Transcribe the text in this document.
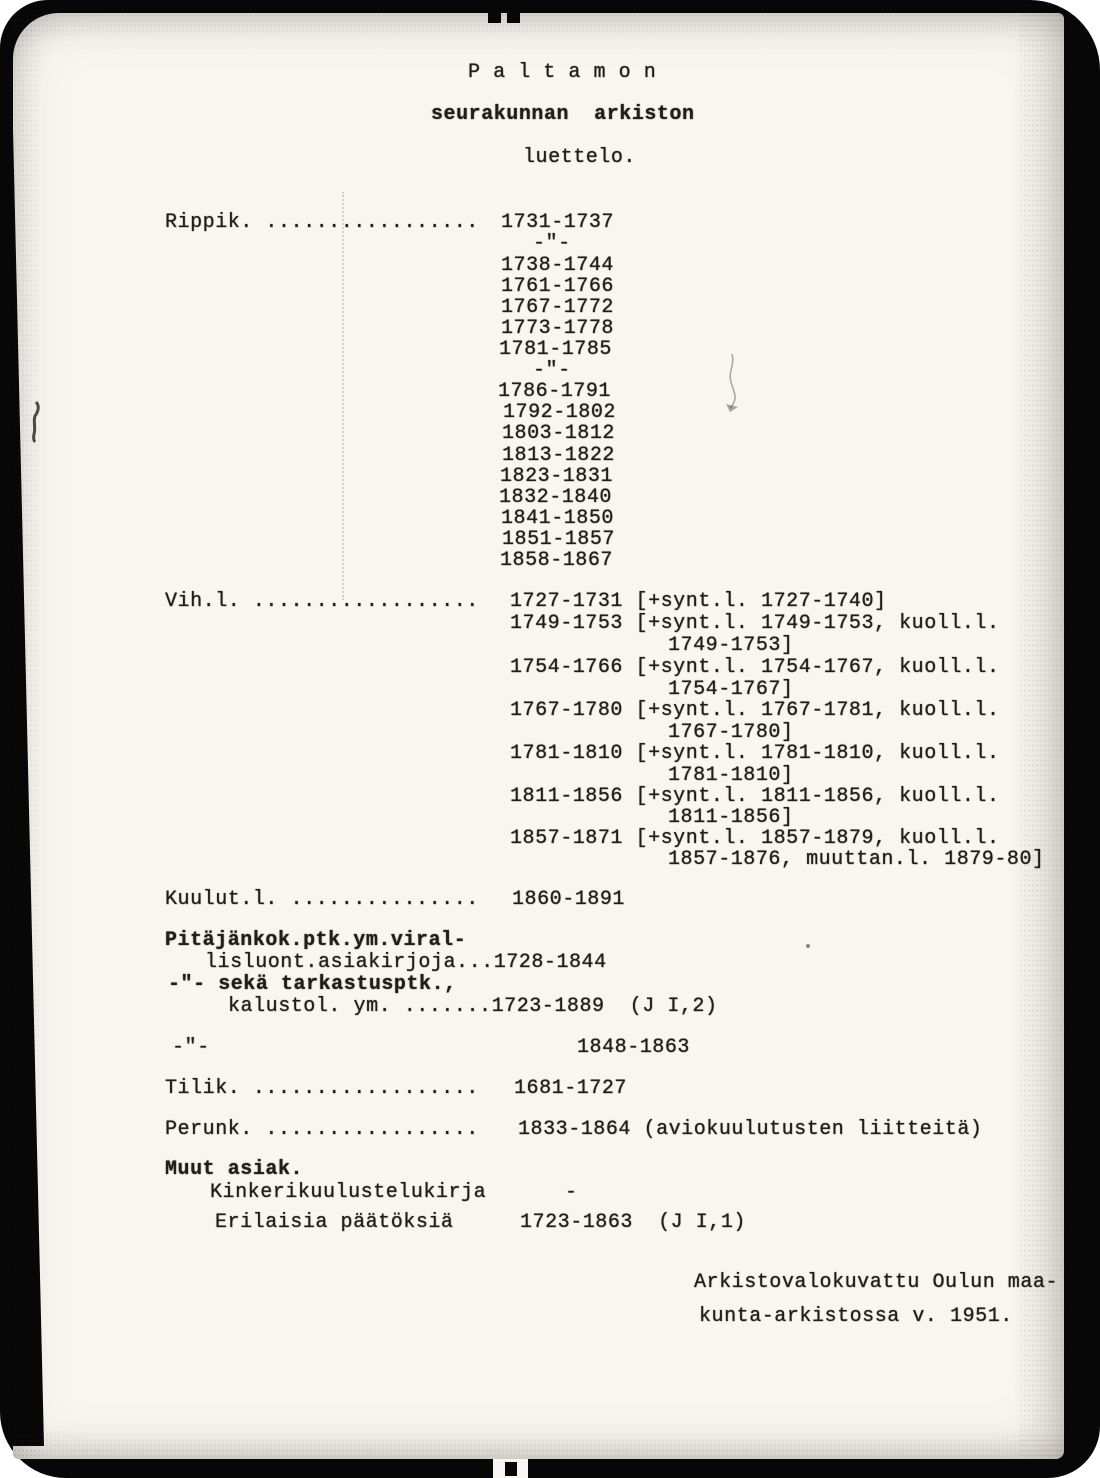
P a l t a m o n
seurakunnan  arkiston
luettelo.
Rippik. ................. 1731-1737
-"-
1738-1744
1761-1766
1767-1772
1773-1778
1781-1785
-"-
1786-1791
1792-1802
1803-1812
1813-1822
1823-1831
1832-1840
1841-1850
1851-1857
1858-1867
Vih.l. .................. 1727-1731 [+synt.l. 1727-1740]
1749-1753 [+synt.l. 1749-1753, kuoll.l.
1749-1753]
1754-1766 [+synt.l. 1754-1767, kuoll.l.
1754-1767]
1767-1780 [+synt.l. 1767-1781, kuoll.l.
1767-1780]
1781-1810 [+synt.l. 1781-1810, kuoll.l.
1781-1810]
1811-1856 [+synt.l. 1811-1856, kuoll.l.
1811-1856]
1857-1871 [+synt.l. 1857-1879, kuoll.l.
1857-1876, muuttan.l. 1879-80]
Kuulut.l. ............... 1860-1891
Pitäjänkok.ptk.ym.viral-
lisluont.asiakirjoja...1728-1844
-"- sekä tarkastusptk.,
kalustol. ym. .......1723-1889  (J I,2)
-"-	1848-1863
Tilik. .................. 1681-1727
Perunk. ................. 1833-1864 (aviokuulutusten liitteitä)
Muut asiak.
Kinkerikuulustelukirja	-
Erilaisia päätöksiä	1723-1863  (J I,1)
Arkistovalokuvattu Oulun maa-
kunta-arkistossa v. 1951.
